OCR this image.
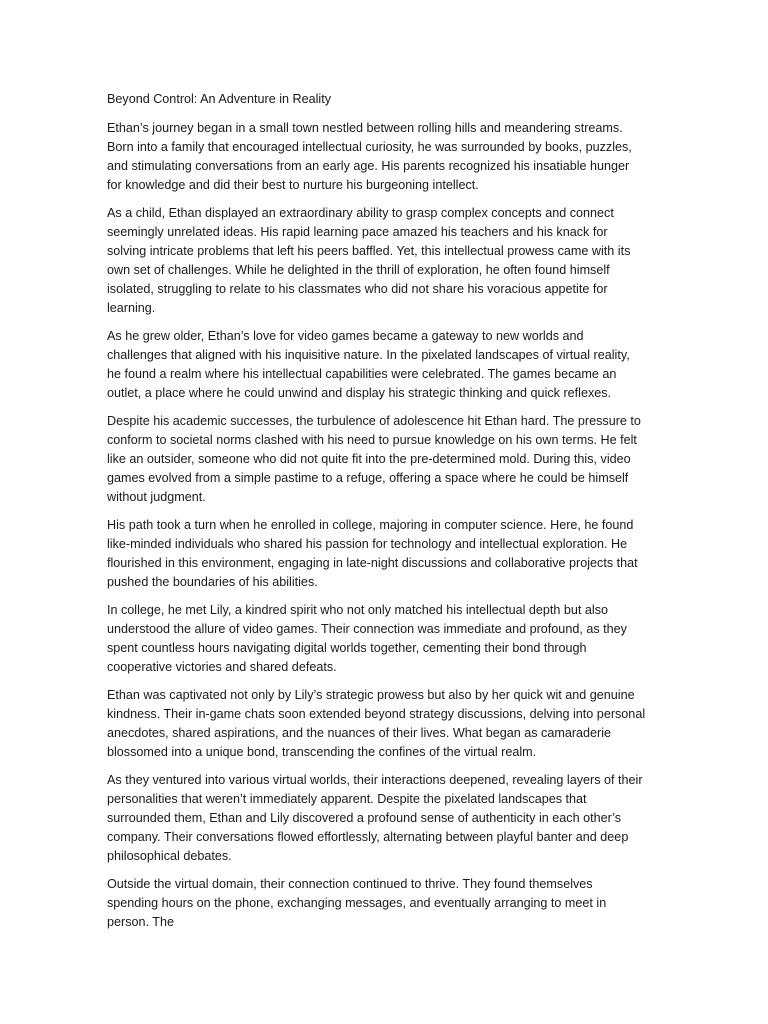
Beyond Control: An Adventure in Reality

Ethan’s journey began in a small town nestled between rolling hills and meandering streams. Born into a family that encouraged intellectual curiosity, he was surrounded by books, puzzles, and stimulating conversations from an early age. His parents recognized his insatiable hunger for knowledge and did their best to nurture his burgeoning intellect.

As a child, Ethan displayed an extraordinary ability to grasp complex concepts and connect seemingly unrelated ideas. His rapid learning pace amazed his teachers and his knack for solving intricate problems that left his peers baffled. Yet, this intellectual prowess came with its own set of challenges. While he delighted in the thrill of exploration, he often found himself isolated, struggling to relate to his classmates who did not share his voracious appetite for learning.

As he grew older, Ethan’s love for video games became a gateway to new worlds and challenges that aligned with his inquisitive nature. In the pixelated landscapes of virtual reality, he found a realm where his intellectual capabilities were celebrated. The games became an outlet, a place where he could unwind and display his strategic thinking and quick reflexes.

Despite his academic successes, the turbulence of adolescence hit Ethan hard. The pressure to conform to societal norms clashed with his need to pursue knowledge on his own terms. He felt like an outsider, someone who did not quite fit into the pre-determined mold. During this, video games evolved from a simple pastime to a refuge, offering a space where he could be himself without judgment.

His path took a turn when he enrolled in college, majoring in computer science. Here, he found like-minded individuals who shared his passion for technology and intellectual exploration. He flourished in this environment, engaging in late-night discussions and collaborative projects that pushed the boundaries of his abilities.

In college, he met Lily, a kindred spirit who not only matched his intellectual depth but also understood the allure of video games. Their connection was immediate and profound, as they spent countless hours navigating digital worlds together, cementing their bond through cooperative victories and shared defeats.

Ethan was captivated not only by Lily’s strategic prowess but also by her quick wit and genuine kindness. Their in-game chats soon extended beyond strategy discussions, delving into personal anecdotes, shared aspirations, and the nuances of their lives. What began as camaraderie blossomed into a unique bond, transcending the confines of the virtual realm.

As they ventured into various virtual worlds, their interactions deepened, revealing layers of their personalities that weren’t immediately apparent. Despite the pixelated landscapes that surrounded them, Ethan and Lily discovered a profound sense of authenticity in each other’s company. Their conversations flowed effortlessly, alternating between playful banter and deep philosophical debates.

Outside the virtual domain, their connection continued to thrive. They found themselves spending hours on the phone, exchanging messages, and eventually arranging to meet in person. The
